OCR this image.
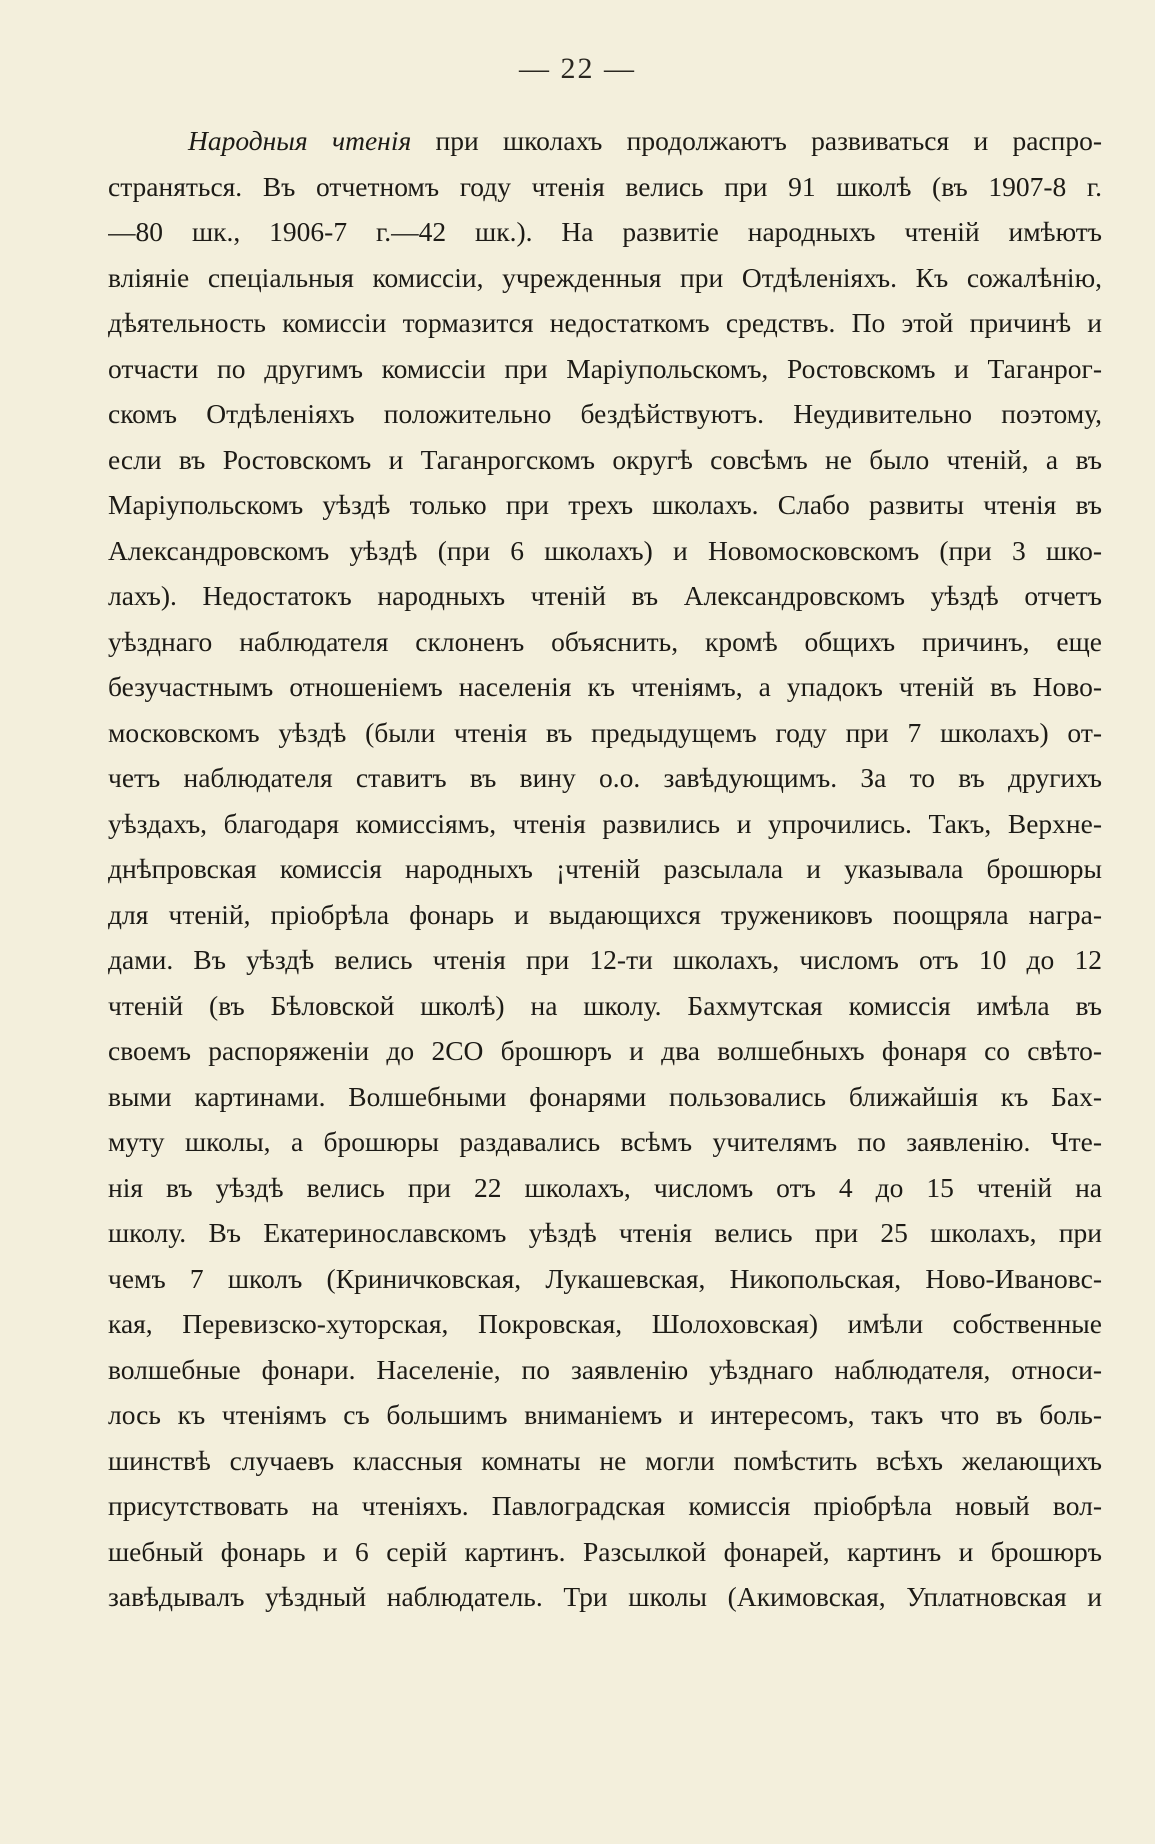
— 22 —
Народныя чтенія при школахъ продолжаютъ развиваться и распро-
страняться. Въ отчетномъ году чтенія велись при 91 школѣ (въ 1907-8 г.
—80 шк., 1906-7 г.—42 шк.). На развитіе народныхъ чтеній имѣютъ
вліяніе спеціальныя комиссіи, учрежденныя при Отдѣленіяхъ. Къ сожалѣнію,
дѣятельность комиссіи тормазится недостаткомъ средствъ. По этой причинѣ и
отчасти по другимъ комиссіи при Маріупольскомъ, Ростовскомъ и Таганрог-
скомъ Отдѣленіяхъ положительно бездѣйствуютъ. Неудивительно поэтому,
если въ Ростовскомъ и Таганрогскомъ округѣ совсѣмъ не было чтеній, а въ
Маріупольскомъ уѣздѣ только при трехъ школахъ. Слабо развиты чтенія въ
Александровскомъ уѣздѣ (при 6 школахъ) и Новомосковскомъ (при 3 шко-
лахъ). Недостатокъ народныхъ чтеній въ Александровскомъ уѣздѣ отчетъ
уѣзднаго наблюдателя склоненъ объяснить, кромѣ общихъ причинъ, еще
безучастнымъ отношеніемъ населенія къ чтеніямъ, а упадокъ чтеній въ Ново-
московскомъ уѣздѣ (были чтенія въ предыдущемъ году при 7 школахъ) от-
четъ наблюдателя ставитъ въ вину о.о. завѣдующимъ. За то въ другихъ
уѣздахъ, благодаря комиссіямъ, чтенія развились и упрочились. Такъ, Верхне-
днѣпровская комиссія народныхъ ¡чтеній разсылала и указывала брошюры
для чтеній, пріобрѣла фонарь и выдающихся тружениковъ поощряла награ-
дами. Въ уѣздѣ велись чтенія при 12-ти школахъ, числомъ отъ 10 до 12
чтеній (въ Бѣловской школѣ) на школу. Бахмутская комиссія имѣла въ
своемъ распоряженіи до 2СО брошюръ и два волшебныхъ фонаря со свѣто-
выми картинами. Волшебными фонарями пользовались ближайшія къ Бах-
муту школы, а брошюры раздавались всѣмъ учителямъ по заявленію. Чте-
нія въ уѣздѣ велись при 22 школахъ, числомъ отъ 4 до 15 чтеній на
школу. Въ Екатеринославскомъ уѣздѣ чтенія велись при 25 школахъ, при
чемъ 7 школъ (Криничковская, Лукашевская, Никопольская, Ново-Ивановс-
кая, Перевизско-хуторская, Покровская, Шолоховская) имѣли собственные
волшебные фонари. Населеніе, по заявленію уѣзднаго наблюдателя, относи-
лось къ чтеніямъ съ большимъ вниманіемъ и интересомъ, такъ что въ боль-
шинствѣ случаевъ классныя комнаты не могли помѣстить всѣхъ желающихъ
присутствовать на чтеніяхъ. Павлоградская комиссія пріобрѣла новый вол-
шебный фонарь и 6 серій картинъ. Разсылкой фонарей, картинъ и брошюръ
завѣдывалъ уѣздный наблюдатель. Три школы (Акимовская, Уплатновская и
